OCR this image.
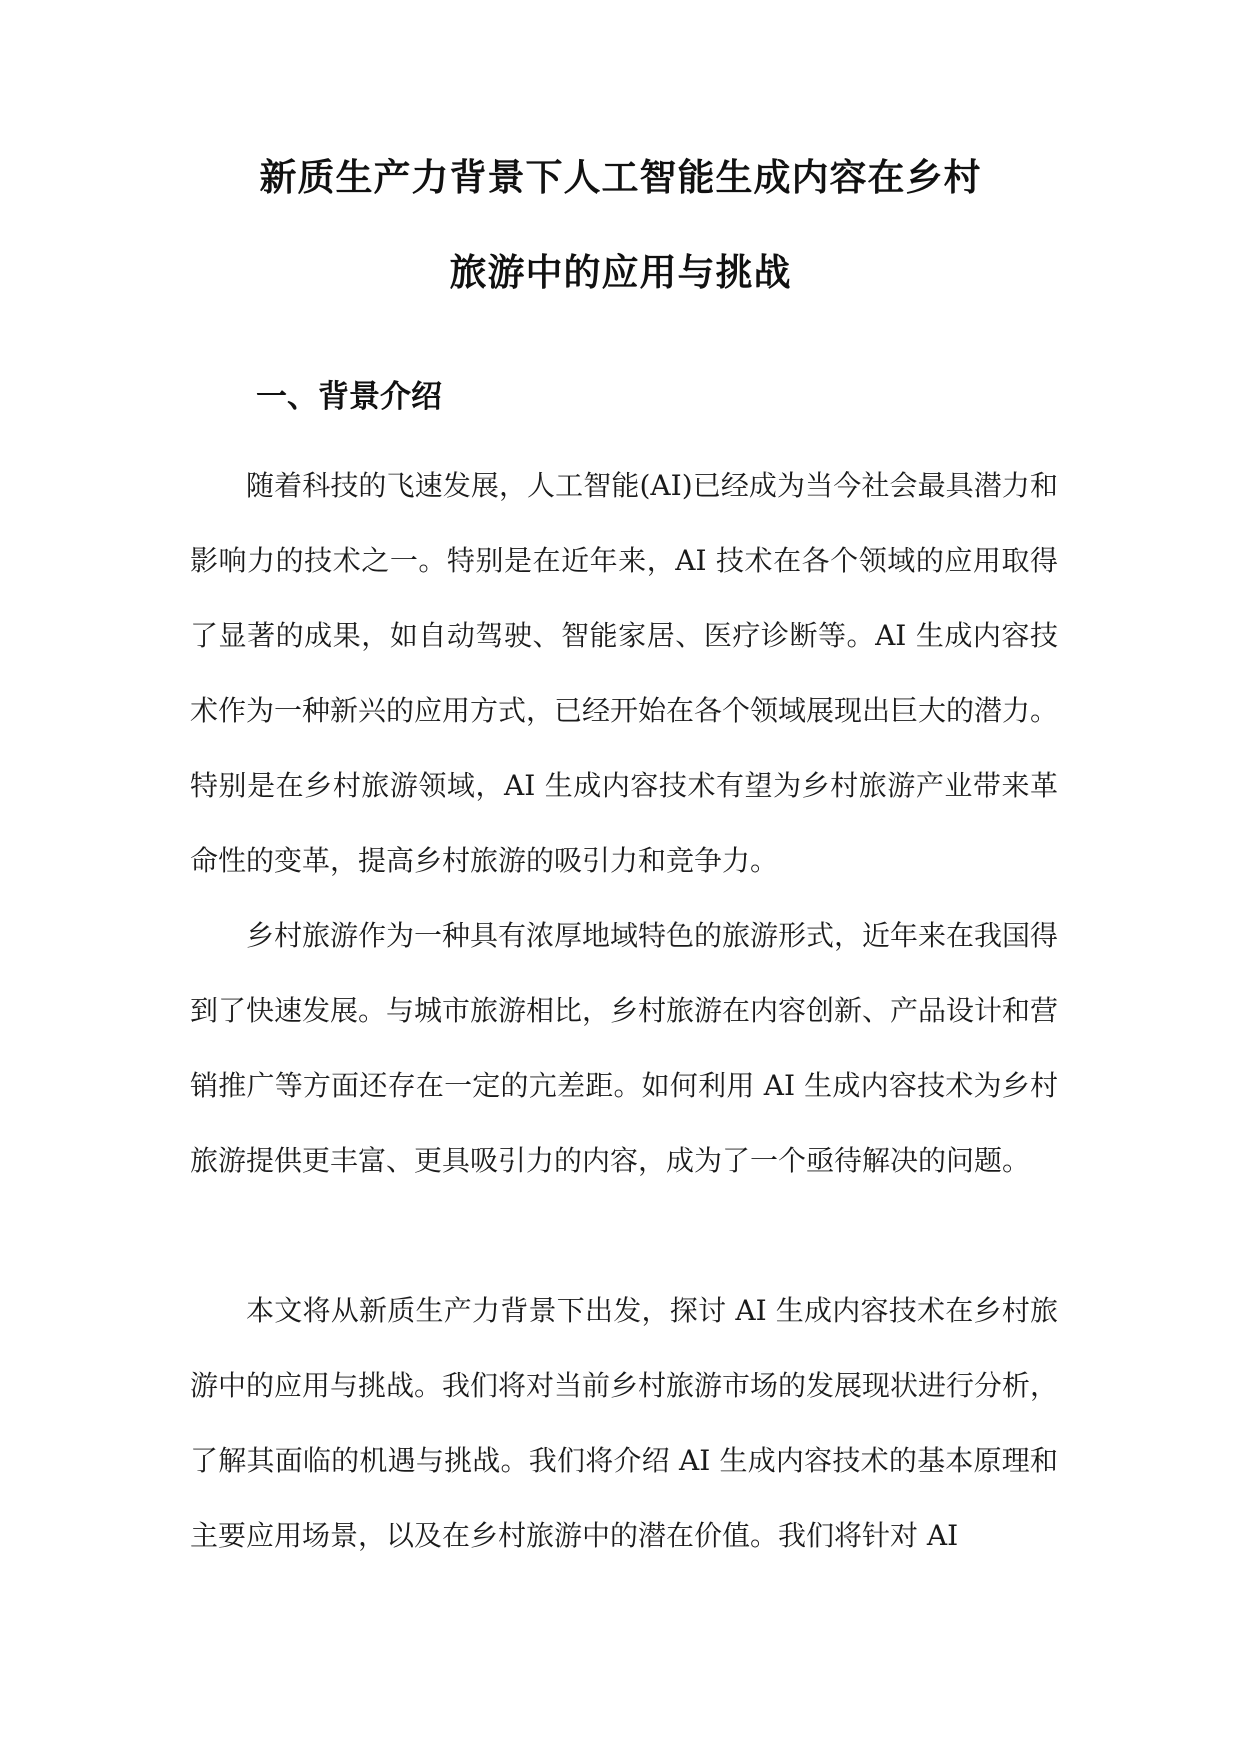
新质生产力背景下人工智能生成内容在乡村
旅游中的应用与挑战
一、背景介绍

随着科技的飞速发展，人工智能(AI)已经成为当今社会最具潜力和影响力的技术之一。特别是在近年来，AI 技术在各个领域的应用取得了显著的成果，如自动驾驶、智能家居、医疗诊断等。AI 生成内容技术作为一种新兴的应用方式，已经开始在各个领域展现出巨大的潜力。特别是在乡村旅游领域，AI 生成内容技术有望为乡村旅游产业带来革命性的变革，提高乡村旅游的吸引力和竞争力。

乡村旅游作为一种具有浓厚地域特色的旅游形式，近年来在我国得到了快速发展。与城市旅游相比，乡村旅游在内容创新、产品设计和营销推广等方面还存在一定的亢差距。如何利用 AI 生成内容技术为乡村旅游提供更丰富、更具吸引力的内容，成为了一个亟待解决的问题。

本文将从新质生产力背景下出发，探讨 AI 生成内容技术在乡村旅游中的应用与挑战。我们将对当前乡村旅游市场的发展现状进行分析，了解其面临的机遇与挑战。我们将介绍 AI 生成内容技术的基本原理和主要应用场景，以及在乡村旅游中的潜在价值。我们将针对 AI
